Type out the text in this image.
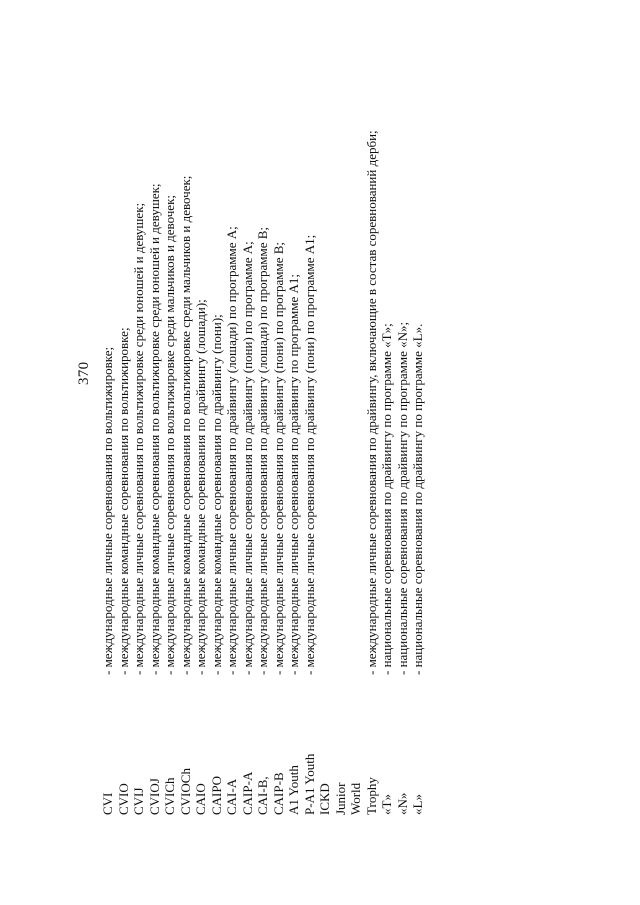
370
CVI
- международные личные соревнования по вольтижировке;
CVIO
- международные командные соревнования по вольтижировке;
CVIJ
- международные личные соревнования по вольтижировке среди юношей и девушек;
CVIOJ
- международные командные соревнования по вольтижировке среди юношей и девушек;
CVICh
- международные личные соревнования по вольтижировке среди мальчиков и девочек;
CVIOCh
- международные командные соревнования по вольтижировке среди мальчиков и девочек;
CAIO
- международные командные соревнования по драйвингу (лошади);
CAIPO
- международные командные соревнования по драйвингу (пони);
CAI-A
- международные личные соревнования по драйвингу (лошади) по программе A;
CAIP-A
- международные личные соревнования по драйвингу (пони) по программе A;
CAI-B,
- международные личные соревнования по драйвингу (лошади) по программе B;
CAIP-B
- международные личные соревнования по драйвингу (пони) по программе B;
A1 Youth
- международные личные соревнования по драйвингу по программе A1;
P-A1 Youth
- международные личные соревнования по драйвингу (пони) по программе A1;
ICKD Junior World Trophy
- международные личные соревнования по драйвингу, включающие в состав соревнований дерби;
«T»
- национальные соревнования по драйвингу по программе «T»;
«N»
- национальные соревнования по драйвингу по программе «N»;
«L»
- национальные соревнования по драйвингу по программе «L».
